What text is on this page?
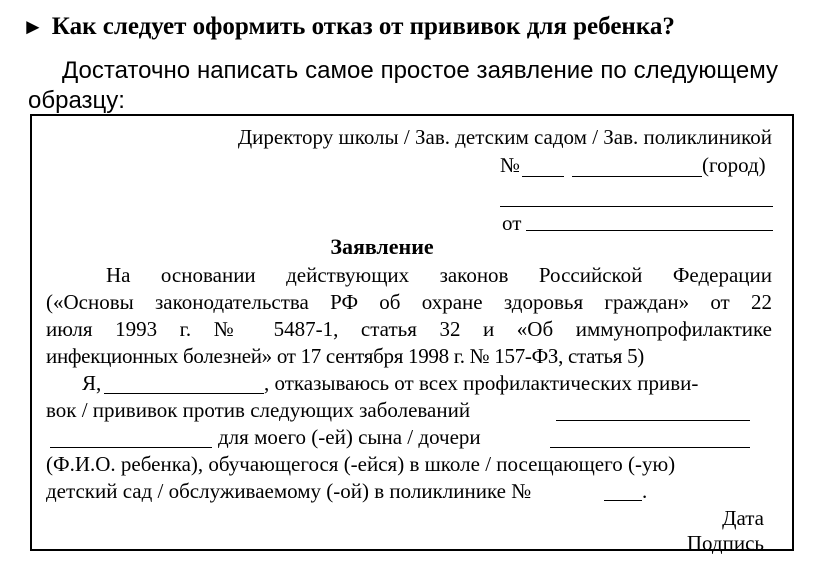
► Как следует оформить отказ от прививок для ребенка?
Достаточно написать самое простое заявление по следующему образцу:
Директору школы / Зав. детским садом / Зав. поликлиникой
№	(город)
от
Заявление
На основании действующих законов Российской Федерации
(«Основы законодательства РФ об охране здоровья граждан» от 22
июля 1993 г. № 5487-1, статья 32 и «Об иммунопрофилактике
инфекционных болезней» от 17 сентября 1998 г. № 157-ФЗ, статья 5)
Я,	, отказываюсь от всех профилактических приви-
вок / прививок против следующих заболеваний
для моего (-ей) сына / дочери
(Ф.И.О. ребенка), обучающегося (-ейся) в школе / посещающего (-ую)
детский сад / обслуживаемому (-ой) в поликлинике №	.
Дата
Подпись
